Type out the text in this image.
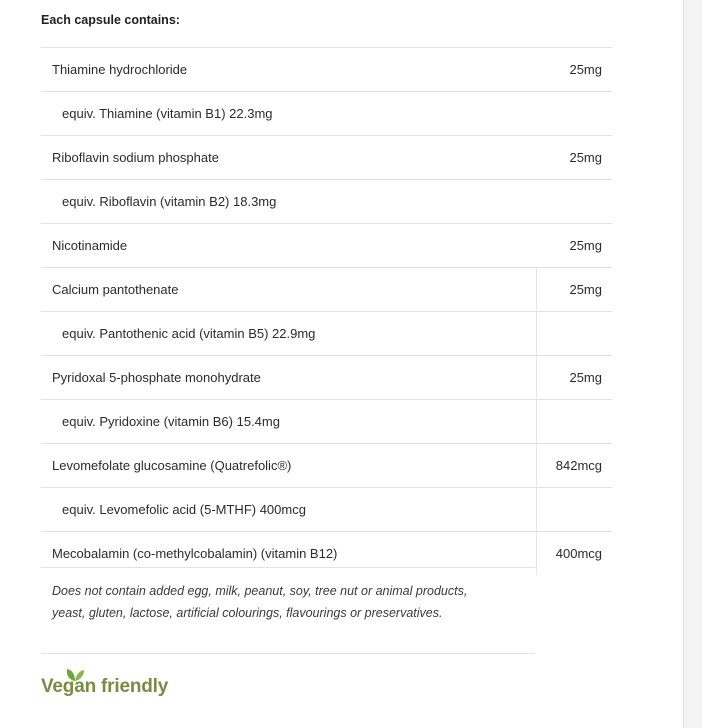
Each capsule contains:
Thiamine hydrochloride	25mg
equiv. Thiamine (vitamin B1) 22.3mg
Riboflavin sodium phosphate	25mg
equiv. Riboflavin (vitamin B2) 18.3mg
Nicotinamide	25mg
Calcium pantothenate	25mg
equiv. Pantothenic acid (vitamin B5) 22.9mg
Pyridoxal 5-phosphate monohydrate	25mg
equiv. Pyridoxine (vitamin B6) 15.4mg
Levomefolate glucosamine (Quatrefolic®)	842mcg
equiv. Levomefolic acid (5-MTHF) 400mcg
Mecobalamin (co-methylcobalamin) (vitamin B12)	400mcg

Does not contain added egg, milk, peanut, soy, tree nut or animal products, yeast, gluten, lactose, artificial colourings, flavourings or preservatives.

Vegan friendly
